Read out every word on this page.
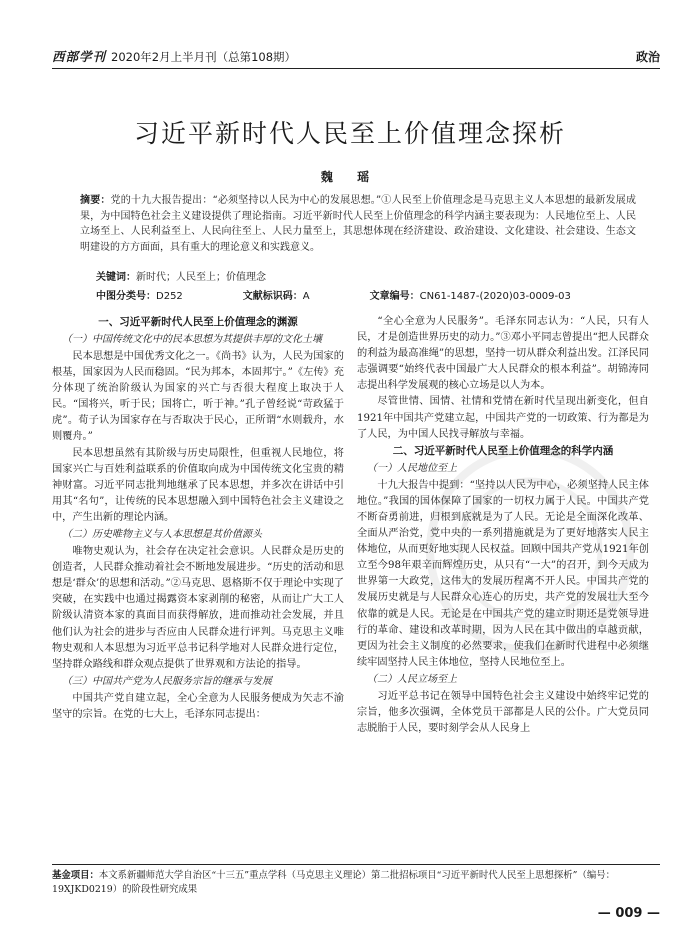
西部学刊 2020年2月上半月刊（总第108期）	政治
习近平新时代人民至上价值理念探析
魏 瑶
摘要：党的十九大报告提出：“必须坚持以人民为中心的发展思想。”①人民至上价值理念是马克思主义人本思想的最新发展成果，为中国特色社会主义建设提供了理论指南。习近平新时代人民至上价值理念的科学内涵主要表现为：人民地位至上、人民立场至上、人民利益至上、人民向往至上、人民力量至上，其思想体现在经济建设、政治建设、文化建设、社会建设、生态文明建设的方方面面，具有重大的理论意义和实践意义。
关键词：新时代；人民至上；价值理念
中图分类号：D252	文献标识码：A	文章编号：CN61-1487-(2020)03-0009-03
一、习近平新时代人民至上价值理念的渊源
（一）中国传统文化中的民本思想为其提供丰厚的文化土壤

民本思想是中国优秀文化之一。《尚书》认为，人民为国家的根基，国家因为人民而稳固。“民为邦本，本固邦宁。”《左传》充分体现了统治阶级认为国家的兴亡与否很大程度上取决于人民。“国将兴，听于民；国将亡，听于神。”孔子曾经说“苛政猛于虎”。荀子认为国家存在与否取决于民心，正所谓“水则载舟，水则覆舟。”

民本思想虽然有其阶级与历史局限性，但重视人民地位，将国家兴亡与百姓利益联系的价值取向成为中国传统文化宝贵的精神财富。习近平同志批判地继承了民本思想，并多次在讲话中引用其“名句”，让传统的民本思想融入到中国特色社会主义建设之中，产生出新的理论内涵。

（二）历史唯物主义与人本思想是其价值源头

唯物史观认为，社会存在决定社会意识。人民群众是历史的创造者，人民群众推动着社会不断地发展进步。“历史的活动和思想是‘群众’的思想和活动。”②马克思、恩格斯不仅于理论中实现了突破，在实践中也通过揭露资本家剥削的秘密，从而让广大工人阶级认清资本家的真面目而获得解放，进而推动社会发展，并且他们认为社会的进步与否应由人民群众进行评判。马克思主义唯物史观和人本思想为习近平总书记科学地对人民群众进行定位，坚持群众路线和群众观点提供了世界观和方法论的指导。

（三）中国共产党为人民服务宗旨的继承与发展

中国共产党自建立起，全心全意为人民服务便成为矢志不渝坚守的宗旨。在党的七大上，毛泽东同志提出：

“全心全意为人民服务”。毛泽东同志认为：“人民，只有人民，才是创造世界历史的动力。”③邓小平同志曾提出“把人民群众的利益为最高准绳”的思想，坚持一切从群众利益出发。江泽民同志强调要“始终代表中国最广大人民群众的根本利益”。胡锦涛同志提出科学发展观的核心立场是以人为本。

尽管世情、国情、社情和党情在新时代呈现出新变化，但自1921年中国共产党建立起，中国共产党的一切政策、行为都是为了人民，为中国人民找寻解放与幸福。

二、习近平新时代人民至上价值理念的科学内涵
（一）人民地位至上

十九大报告中提到：“坚持以人民为中心，必须坚持人民主体地位。”我国的国体保障了国家的一切权力属于人民。中国共产党不断奋勇前进，归根到底就是为了人民。无论是全面深化改革、全面从严治党，党中央的一系列措施就是为了更好地落实人民主体地位，从而更好地实现人民权益。回顾中国共产党从1921年创立至今98年艰辛而辉煌历史，从只有“一大”的召开，到今天成为世界第一大政党，这伟大的发展历程离不开人民。中国共产党的发展历史就是与人民群众心连心的历史，共产党的发展壮大至今依靠的就是人民。无论是在中国共产党的建立时期还是党领导进行的革命、建设和改革时期，因为人民在其中做出的卓越贡献，更因为社会主义制度的必然要求，使我们在新时代进程中必须继续牢固坚持人民主体地位，坚持人民地位至上。

（二）人民立场至上

习近平总书记在领导中国特色社会主义建设中始终牢记党的宗旨，他多次强调，全体党员干部都是人民的公仆。广大党员同志脱胎于人民，要时刻学会从人民身上

基金项目：本文系新疆师范大学自治区“十三五”重点学科（马克思主义理论）第二批招标项目“习近平新时代人民至上思想探析”（编号：19XJKD0219）的阶段性研究成果
— 009 —
